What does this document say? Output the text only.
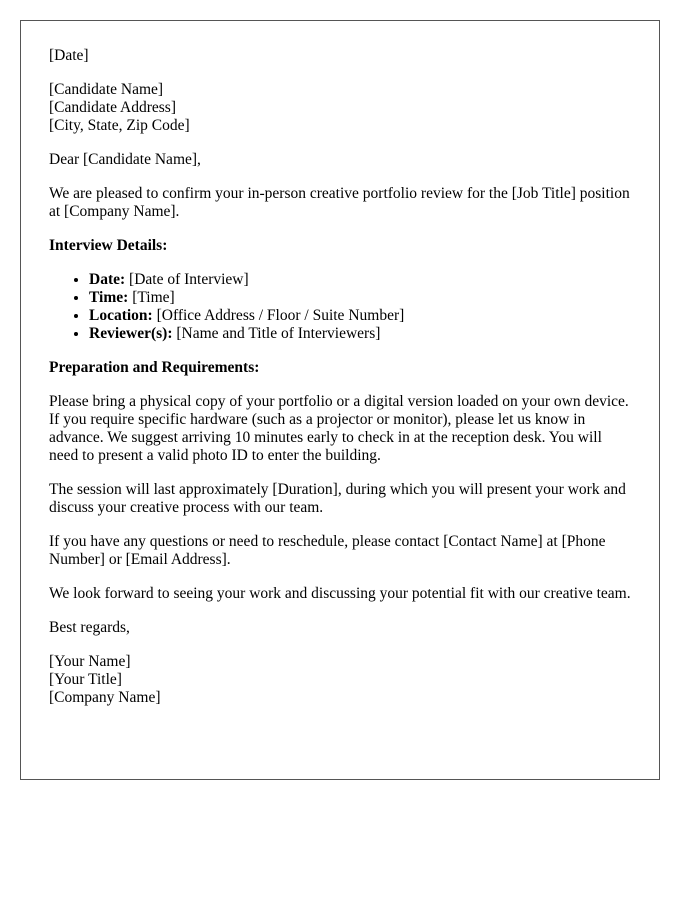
[Date]

[Candidate Name]
[Candidate Address]
[City, State, Zip Code]

Dear [Candidate Name],

We are pleased to confirm your in-person creative portfolio review for the [Job Title] position at [Company Name].

Interview Details:

• Date: [Date of Interview]
• Time: [Time]
• Location: [Office Address / Floor / Suite Number]
• Reviewer(s): [Name and Title of Interviewers]

Preparation and Requirements:

Please bring a physical copy of your portfolio or a digital version loaded on your own device. If you require specific hardware (such as a projector or monitor), please let us know in advance. We suggest arriving 10 minutes early to check in at the reception desk. You will need to present a valid photo ID to enter the building.

The session will last approximately [Duration], during which you will present your work and discuss your creative process with our team.

If you have any questions or need to reschedule, please contact [Contact Name] at [Phone Number] or [Email Address].

We look forward to seeing your work and discussing your potential fit with our creative team.

Best regards,

[Your Name]
[Your Title]
[Company Name]
